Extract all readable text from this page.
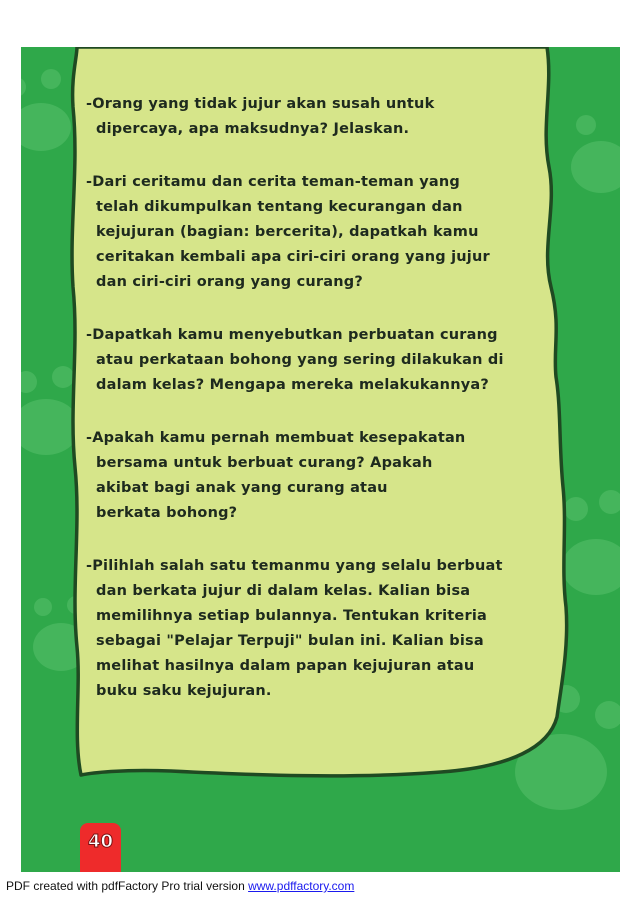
40
-Orang yang tidak jujur akan susah untuk
dipercaya, apa maksudnya? Jelaskan.
-Dari ceritamu dan cerita teman-teman yang
telah dikumpulkan tentang kecurangan dan
kejujuran (bagian: bercerita), dapatkah kamu
ceritakan kembali apa ciri-ciri orang yang jujur
dan ciri-ciri orang yang curang?
-Dapatkah kamu menyebutkan perbuatan curang
atau perkataan bohong yang sering dilakukan di
dalam kelas? Mengapa mereka melakukannya?
-Apakah kamu pernah membuat kesepakatan
bersama untuk berbuat curang? Apakah
akibat bagi anak yang curang atau
berkata bohong?
-Pilihlah salah satu temanmu yang selalu berbuat
dan berkata jujur di dalam kelas. Kalian bisa
memilihnya setiap bulannya. Tentukan kriteria
sebagai "Pelajar Terpuji" bulan ini. Kalian bisa
melihat hasilnya dalam papan kejujuran atau
buku saku kejujuran.
PDF created with pdfFactory Pro trial version www.pdffactory.com
